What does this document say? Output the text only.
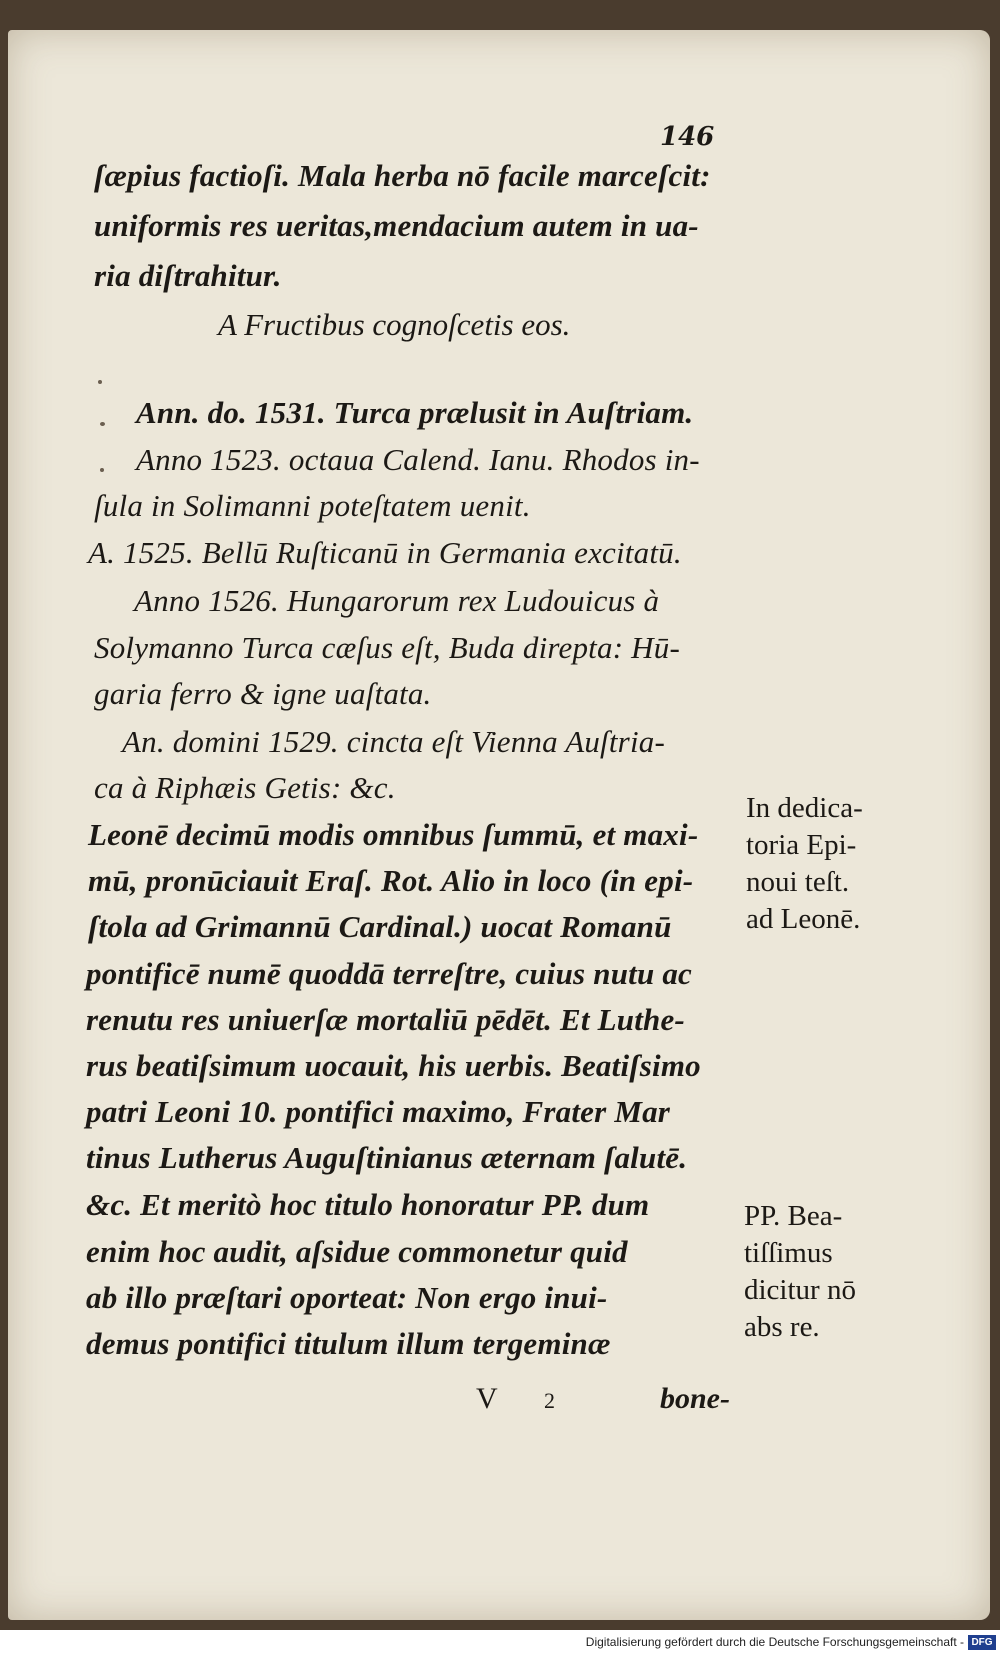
146
ſæpius factioſi. Mala herba nō facile marceſcit:
uniformis res ueritas,mendacium autem in ua-
ria diſtrahitur.
A Fructibus cognoſcetis eos.
Ann. do. 1531. Turca prælusit in Auſtriam.
Anno 1523. octaua Calend. Ianu. Rhodos in-
ſula in Solimanni poteſtatem uenit.
A. 1525. Bellū Ruſticanū in Germania excitatū.
Anno 1526. Hungarorum rex Ludouicus à
Solymanno Turca cæſus eſt, Buda direpta: Hū-
garia ferro & igne uaſtata.
An. domini 1529. cincta eſt Vienna Auſtria-
ca à Riphæis Getis: &c.
Leonē decimū modis omnibus ſummū, et maxi-
mū, pronūciauit Eraſ. Rot. Alio in loco (in epi-
ſtola ad Grimannū Cardinal.) uocat Romanū
pontificē numē quoddā terreſtre, cuius nutu ac
renutu res uniuerſæ mortaliū pēdēt. Et Luthe-
rus beatiſsimum uocauit, his uerbis. Beatiſsimo
patri Leoni 10. pontifici maximo, Frater Mar
tinus Lutherus Auguſtinianus æternam ſalutē.
&c. Et meritò hoc titulo honoratur PP. dum
enim hoc audit, aſsidue commonetur quid
ab illo præſtari oporteat: Non ergo inui-
demus pontifici titulum illum tergeminæ
In dedica-
toria Epi-
noui teſt.
ad Leonē.
PP. Bea-
tiſſimus
dicitur nō
abs re.
V 2	bone-
Digitalisierung gefördert durch die Deutsche Forschungsgemeinschaft - DFG
